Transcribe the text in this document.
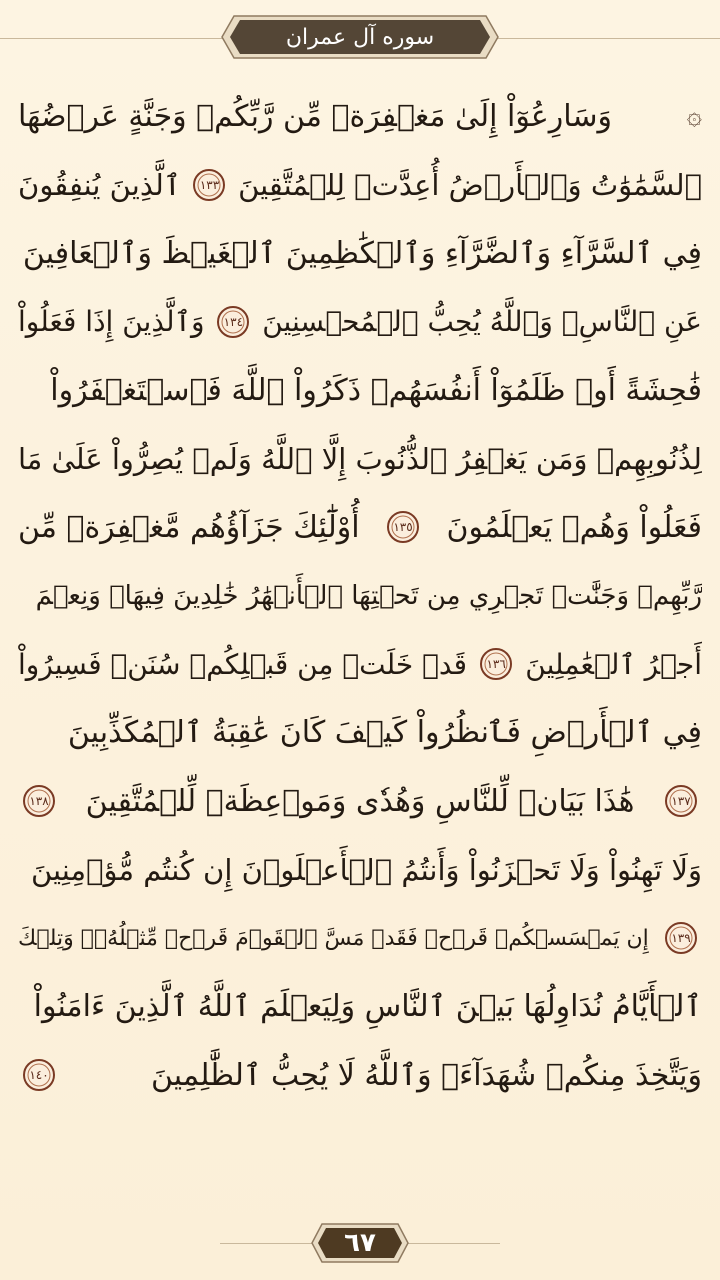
سوره آل عمران
۞
وَسَارِعُوٓاْ إِلَىٰ مَغۡفِرَةٖ مِّن رَّبِّكُمۡ وَجَنَّةٍ عَرۡضُهَا
ٱلسَّمَٰوَٰتُ وَٱلۡأَرۡضُ أُعِدَّتۡ لِلۡمُتَّقِينَ
١٣٣
ٱلَّذِينَ يُنفِقُونَ
فِي ٱلسَّرَّآءِ وَٱلضَّرَّآءِ وَٱلۡكَٰظِمِينَ ٱلۡغَيۡظَ وَٱلۡعَافِينَ
عَنِ ٱلنَّاسِۗ وَٱللَّهُ يُحِبُّ ٱلۡمُحۡسِنِينَ
١٣٤
وَٱلَّذِينَ إِذَا فَعَلُواْ
فَٰحِشَةً أَوۡ ظَلَمُوٓاْ أَنفُسَهُمۡ ذَكَرُواْ ٱللَّهَ فَٱسۡتَغۡفَرُواْ
لِذُنُوبِهِمۡ وَمَن يَغۡفِرُ ٱلذُّنُوبَ إِلَّا ٱللَّهُ وَلَمۡ يُصِرُّواْ عَلَىٰ مَا
فَعَلُواْ وَهُمۡ يَعۡلَمُونَ
١٣٥
أُوْلَٰٓئِكَ جَزَآؤُهُم مَّغۡفِرَةٞ مِّن
رَّبِّهِمۡ وَجَنَّٰتٞ تَجۡرِي مِن تَحۡتِهَا ٱلۡأَنۡهَٰرُ خَٰلِدِينَ فِيهَاۚ وَنِعۡمَ
أَجۡرُ ٱلۡعَٰمِلِينَ
١٣٦
قَدۡ خَلَتۡ مِن قَبۡلِكُمۡ سُنَنٞ فَسِيرُواْ
فِي ٱلۡأَرۡضِ فَٱنظُرُواْ كَيۡفَ كَانَ عَٰقِبَةُ ٱلۡمُكَذِّبِينَ
١٣٧
هَٰذَا بَيَانٞ لِّلنَّاسِ وَهُدٗى وَمَوۡعِظَةٞ لِّلۡمُتَّقِينَ
١٣٨
وَلَا تَهِنُواْ وَلَا تَحۡزَنُواْ وَأَنتُمُ ٱلۡأَعۡلَوۡنَ إِن كُنتُم مُّؤۡمِنِينَ
١٣٩
إِن يَمۡسَسۡكُمۡ قَرۡحٞ فَقَدۡ مَسَّ ٱلۡقَوۡمَ قَرۡحٞ مِّثۡلُهُۥۚ وَتِلۡكَ
ٱلۡأَيَّامُ نُدَاوِلُهَا بَيۡنَ ٱلنَّاسِ وَلِيَعۡلَمَ ٱللَّهُ ٱلَّذِينَ ءَامَنُواْ
وَيَتَّخِذَ مِنكُمۡ شُهَدَآءَۗ وَٱللَّهُ لَا يُحِبُّ ٱلظَّٰلِمِينَ
١٤٠
٦٧
